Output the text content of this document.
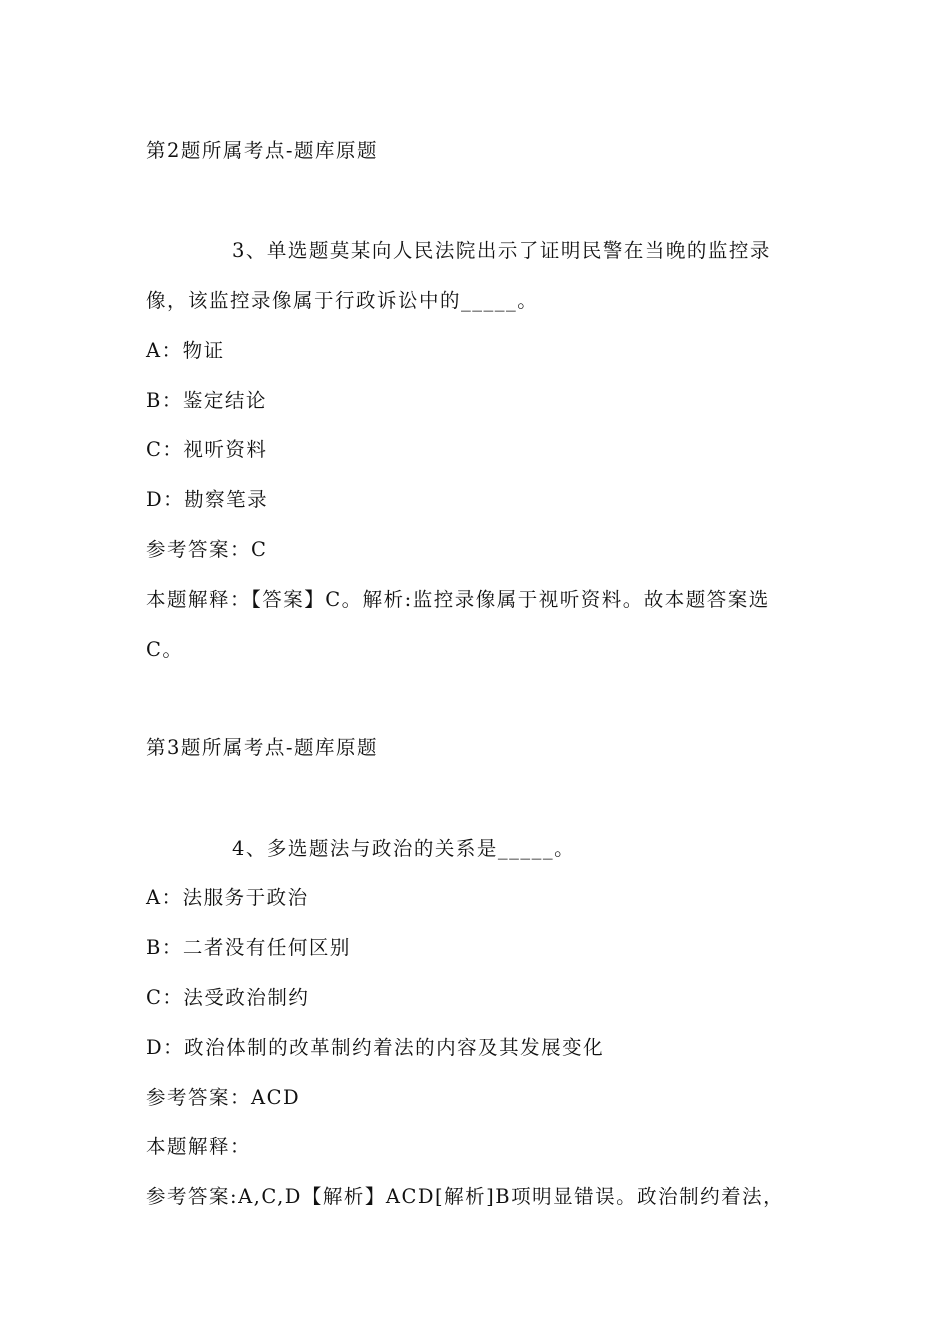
第2题所属考点-题库原题
3、单选题莫某向人民法院出示了证明民警在当晚的监控录
像，该监控录像属于行政诉讼中的_____。
A：物证
B：鉴定结论
C：视听资料
D：勘察笔录
参考答案：C
本题解释：【答案】C。解析:监控录像属于视听资料。故本题答案选
C。
第3题所属考点-题库原题
4、多选题法与政治的关系是_____。
A：法服务于政治
B：二者没有任何区别
C：法受政治制约
D：政治体制的改革制约着法的内容及其发展变化
参考答案：ACD
本题解释：
参考答案:A,C,D【解析】ACD[解析]B项明显错误。政治制约着法，
